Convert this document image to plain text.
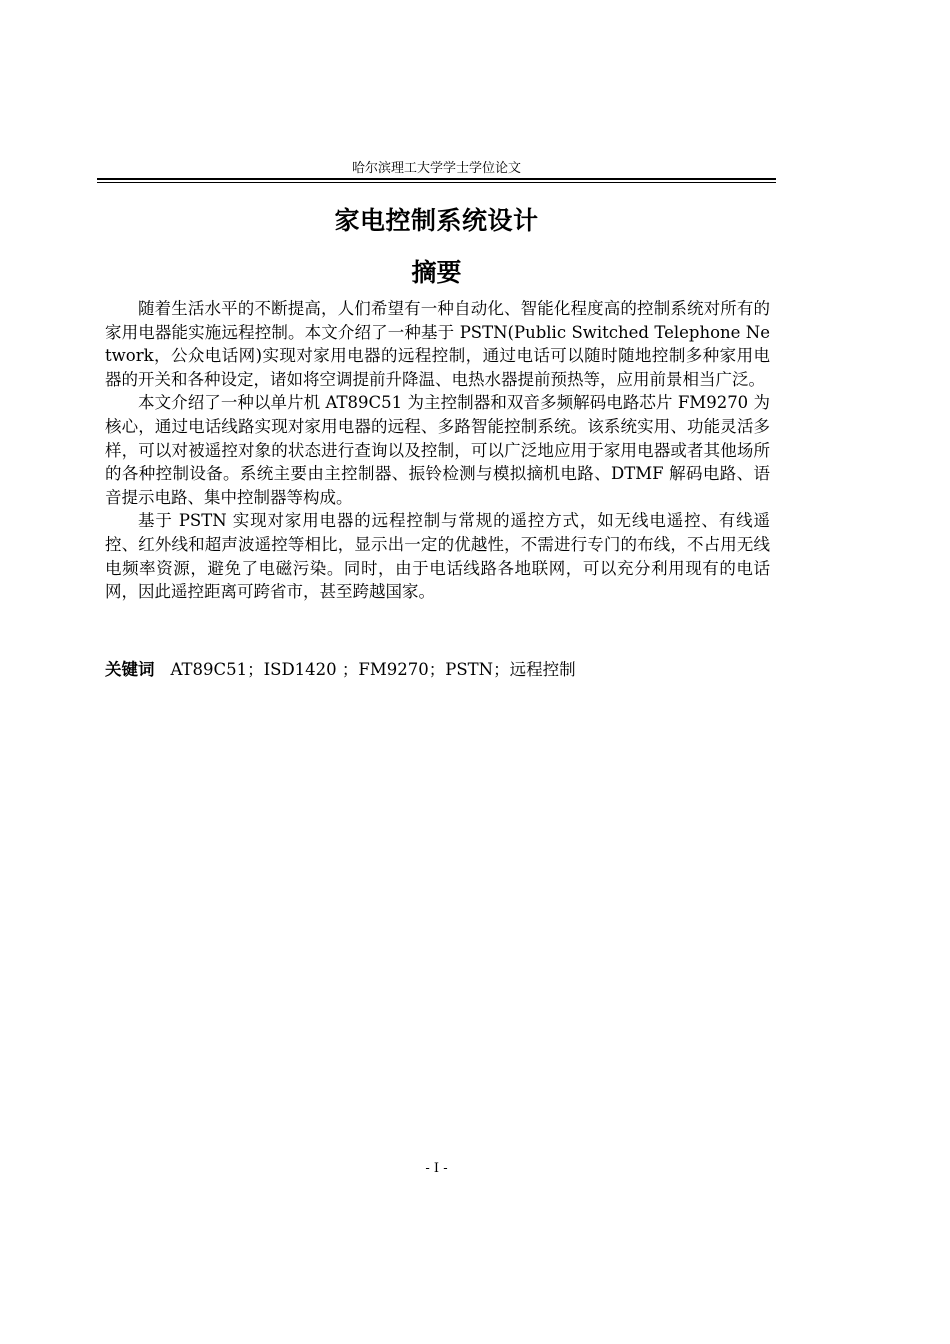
哈尔滨理工大学学士学位论文
家电控制系统设计
摘要

随着生活水平的不断提高，人们希望有一种自动化、智能化程度高的控制系统对所有的家用电器能实施远程控制。本文介绍了一种基于 PSTN(Public Switched Telephone Network，公众电话网)实现对家用电器的远程控制，通过电话可以随时随地控制多种家用电器的开关和各种设定，诸如将空调提前升降温、电热水器提前预热等，应用前景相当广泛。

本文介绍了一种以单片机 AT89C51 为主控制器和双音多频解码电路芯片 FM9270 为核心，通过电话线路实现对家用电器的远程、多路智能控制系统。该系统实用、功能灵活多样，可以对被遥控对象的状态进行查询以及控制，可以广泛地应用于家用电器或者其他场所的各种控制设备。系统主要由主控制器、振铃检测与模拟摘机电路、DTMF 解码电路、语音提示电路、集中控制器等构成。

基于 PSTN 实现对家用电器的远程控制与常规的遥控方式，如无线电遥控、有线遥控、红外线和超声波遥控等相比，显示出一定的优越性，不需进行专门的布线，不占用无线电频率资源，避免了电磁污染。同时，由于电话线路各地联网，可以充分利用现有的电话网，因此遥控距离可跨省市，甚至跨越国家。

关键词 AT89C51；ISD1420 ；FM9270；PSTN；远程控制
- I -
